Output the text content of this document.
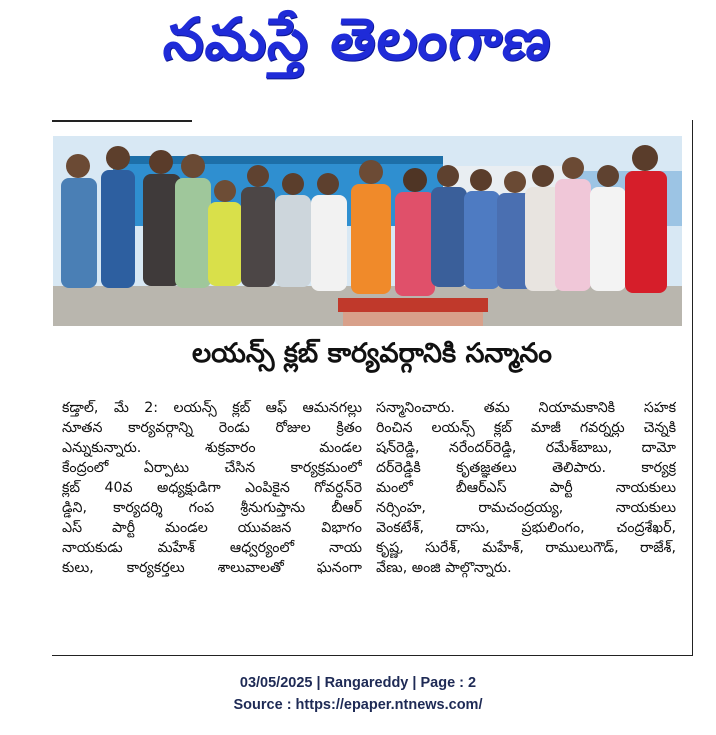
నమస్తే తెలంగాణ
లయన్స్ క్లబ్ కార్యవర్గానికి సన్మానం
కడ్తాల్, మే 2: లయన్స్ క్లబ్ ఆఫ్ ఆమనగల్లు
నూతన కార్యవర్గాన్ని రెండు రోజుల క్రితం
ఎన్నుకున్నారు. శుక్రవారం మండల
కేంద్రంలో ఏర్పాటు చేసిన కార్యక్రమంలో
క్లబ్ 40వ అధ్యక్షుడిగా ఎంపికైన గోవర్ధన్‌రె
డ్డిని, కార్యదర్శి గంప శ్రీనుగుప్తాను బీఆర్
ఎస్ పార్టీ మండల యువజన విభాగం
నాయకుడు మహేశ్ ఆధ్వర్యంలో నాయ
కులు, కార్యకర్తలు శాలువాలతో ఘనంగా
సన్మానించారు. తమ నియామకానికి సహక
రించిన లయన్స్ క్లబ్ మాజీ గవర్నర్లు చెన్నకి
షన్‌రెడ్డి, నరేందర్‌రెడ్డి, రమేశ్‌బాబు, దామో
దర్‌రెడ్డికి కృతజ్ఞతలు తెలిపారు. కార్యక్ర
మంలో బీఆర్‌ఎస్ పార్టీ నాయకులు
నర్సింహ, రామచంద్రయ్య, నాయకులు
వెంకటేశ్, దాసు, ప్రభులింగం, చంద్రశేఖర్,
కృష్ణ, సురేశ్, మహేశ్, రాములుగౌడ్, రాజేశ్,
వేణు, అంజి పాల్గొన్నారు.
03/05/2025 | Rangareddy | Page : 2
Source : https://epaper.ntnews.com/
